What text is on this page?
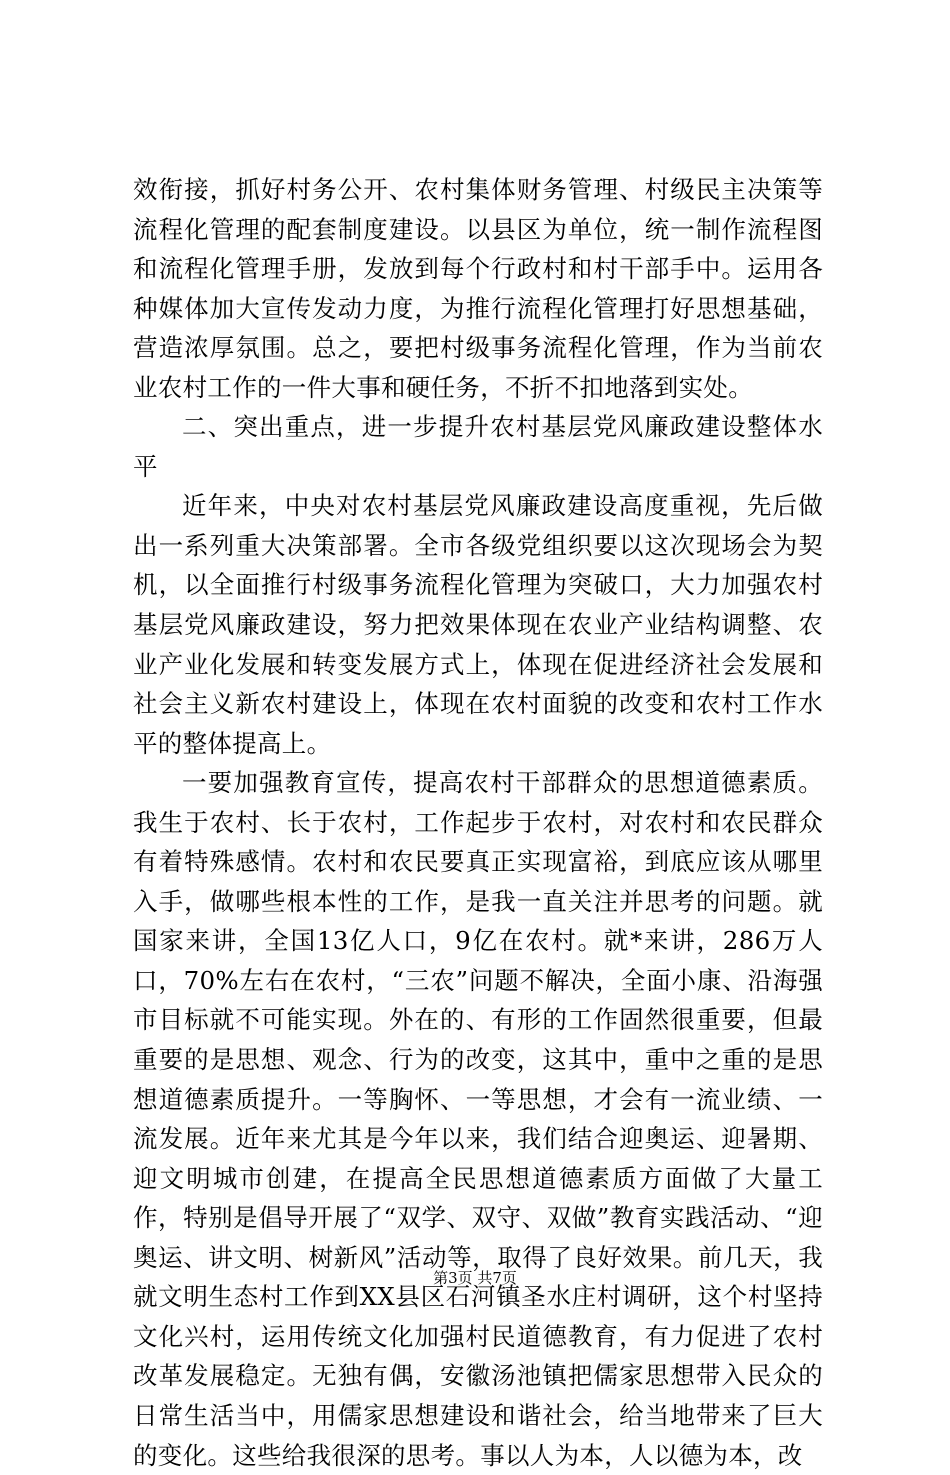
效衔接，抓好村务公开、农村集体财务管理、村级民主决策等流程化管理的配套制度建设。以县区为单位，统一制作流程图和流程化管理手册，发放到每个行政村和村干部手中。运用各种媒体加大宣传发动力度，为推行流程化管理打好思想基础，营造浓厚氛围。总之，要把村级事务流程化管理，作为当前农业农村工作的一件大事和硬任务，不折不扣地落到实处。

二、突出重点，进一步提升农村基层党风廉政建设整体水平

近年来，中央对农村基层党风廉政建设高度重视，先后做出一系列重大决策部署。全市各级党组织要以这次现场会为契机，以全面推行村级事务流程化管理为突破口，大力加强农村基层党风廉政建设，努力把效果体现在农业产业结构调整、农业产业化发展和转变发展方式上，体现在促进经济社会发展和社会主义新农村建设上，体现在农村面貌的改变和农村工作水平的整体提高上。

一要加强教育宣传，提高农村干部群众的思想道德素质。我生于农村、长于农村，工作起步于农村，对农村和农民群众有着特殊感情。农村和农民要真正实现富裕，到底应该从哪里入手，做哪些根本性的工作，是我一直关注并思考的问题。就国家来讲，全国13亿人口，9亿在农村。就*来讲，286万人口，70%左右在农村，“三农”问题不解决，全面小康、沿海强市目标就不可能实现。外在的、有形的工作固然很重要，但最重要的是思想、观念、行为的改变，这其中，重中之重的是思想道德素质提升。一等胸怀、一等思想，才会有一流业绩、一流发展。近年来尤其是今年以来，我们结合迎奥运、迎暑期、迎文明城市创建，在提高全民思想道德素质方面做了大量工作，特别是倡导开展了“双学、双守、双做”教育实践活动、“迎奥运、讲文明、树新风”活动等，取得了良好效果。前几天，我就文明生态村工作到XX县区石河镇圣水庄村调研，这个村坚持文化兴村，运用传统文化加强村民道德教育，有力促进了农村改革发展稳定。无独有偶，安徽汤池镇把儒家思想带入民众的日常生活当中，用儒家思想建设和谐社会，给当地带来了巨大的变化。这些给我很深的思考。事以人为本，人以德为本，改

第3页 共7页
